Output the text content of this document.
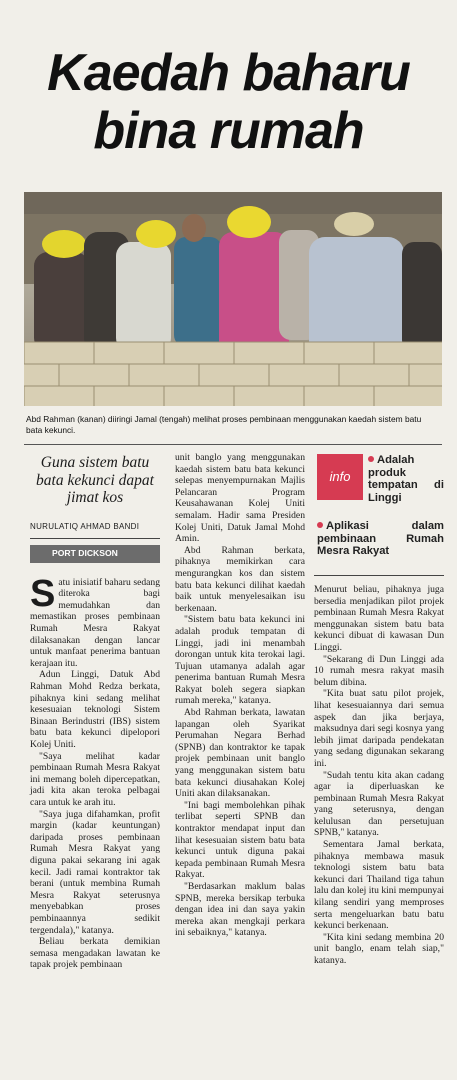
Kaedah baharu
bina rumah
Abd Rahman (kanan) diiringi Jamal (tengah) melihat proses pembinaan menggunakan kaedah sistem batu bata kekunci.
Guna sistem batu bata kekunci dapat jimat kos
NURULATIQ AHMAD BANDI
PORT DICKSON

Satu inisiatif baharu sedang diteroka bagi memudahkan dan memastikan proses pembinaan Rumah Mesra Rakyat dilaksanakan dengan lancar untuk manfaat penerima bantuan kerajaan itu.

Adun Linggi, Datuk Abd Rahman Mohd Redza berkata, pihaknya kini sedang melihat kesesuaian teknologi Sistem Binaan Berindustri (IBS) sistem batu bata kekunci dipelopori Kolej Uniti.

"Saya melihat kadar pembinaan Rumah Mesra Rakyat ini memang boleh dipercepatkan, jadi kita akan teroka pelbagai cara untuk ke arah itu.

"Saya juga difahamkan, profit margin (kadar keuntungan) daripada proses pembinaan Rumah Mesra Rakyat yang diguna pakai sekarang ini agak kecil. Jadi ramai kontraktor tak berani (untuk membina Rumah Mesra Rakyat seterusnya menyebabkan proses pembinaannya sedikit tergendala)," katanya.

Beliau berkata demikian semasa mengadakan lawatan ke tapak projek pembinaan

unit banglo yang menggunakan kaedah sistem batu bata kekunci selepas menyempurnakan Majlis Pelancaran Program Keusahawanan Kolej Uniti semalam. Hadir sama Presiden Kolej Uniti, Datuk Jamal Mohd Amin.

Abd Rahman berkata, pihaknya memikirkan cara mengurangkan kos dan sistem batu bata kekunci dilihat kaedah baik untuk menyelesaikan isu berkenaan.

"Sistem batu bata kekunci ini adalah produk tempatan di Linggi, jadi ini menambah dorongan untuk kita terokai lagi. Tujuan utamanya adalah agar penerima bantuan Rumah Mesra Rakyat boleh segera siapkan rumah mereka," katanya.

Abd Rahman berkata, lawatan lapangan oleh Syarikat Perumahan Negara Berhad (SPNB) dan kontraktor ke tapak projek pembinaan unit banglo yang menggunakan sistem batu bata kekunci diusahakan Kolej Uniti akan dilaksanakan.

"Ini bagi membolehkan pihak terlibat seperti SPNB dan kontraktor mendapat input dan lihat kesesuaian sistem batu bata kekunci untuk diguna pakai kepada pembinaan Rumah Mesra Rakyat.

"Berdasarkan maklum balas SPNB, mereka bersikap terbuka dengan idea ini dan saya yakin mereka akan mengkaji perkara ini sebaiknya," katanya.

info
Adalah produk tempatan di Linggi
Aplikasi dalam pembinaan Rumah Mesra Rakyat

Menurut beliau, pihaknya juga bersedia menjadikan pilot projek pembinaan Rumah Mesra Rakyat menggunakan sistem batu bata kekunci dibuat di kawasan Dun Linggi.

"Sekarang di Dun Linggi ada 10 rumah mesra rakyat masih belum dibina.

"Kita buat satu pilot projek, lihat kesesuaiannya dari semua aspek dan jika berjaya, maksudnya dari segi kosnya yang lebih jimat daripada pendekatan yang sedang digunakan sekarang ini.

"Sudah tentu kita akan cadang agar ia diperluaskan ke pembinaan Rumah Mesra Rakyat yang seterusnya, dengan kelulusan dan persetujuan SPNB," katanya.

Sementara Jamal berkata, pihaknya membawa masuk teknologi sistem batu bata kekunci dari Thailand tiga tahun lalu dan kolej itu kini mempunyai kilang sendiri yang memproses serta mengeluarkan batu batu kekunci berkenaan.

"Kita kini sedang membina 20 unit banglo, enam telah siap," katanya.
